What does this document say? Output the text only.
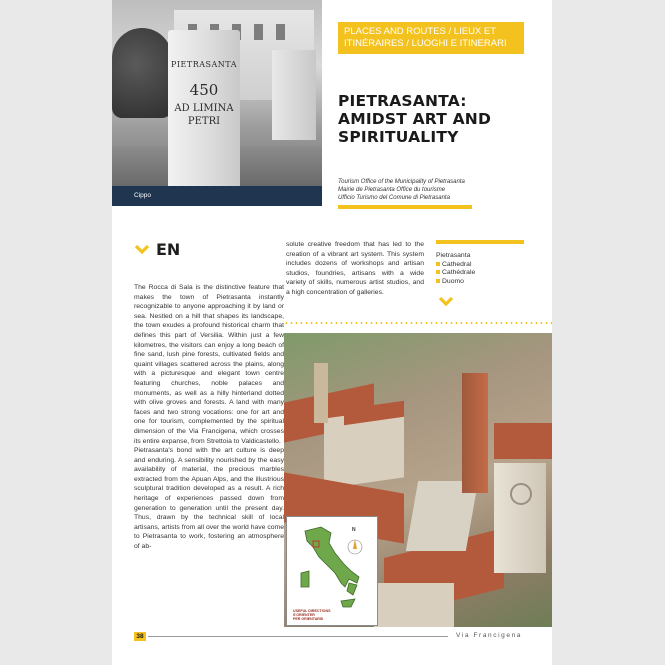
PIETRASANTA
450
AD LIMINA
PETRI
Cippo
PLACES AND ROUTES / LIEUX ET ITINÉRAIRES / LUOGHI E ITINERARI
PIETRASANTA:
AMIDST ART AND
SPIRITUALITY
Tourism Office of the Municipality of Pietrasanta
Mairie de Pietrasanta Office du tourisme
Ufficio Turismo del Comune di Pietrasanta
EN

The Rocca di Sala is the distinctive feature that makes the town of Pietrasanta instantly recognizable to anyone approaching it by land or sea. Nestled on a hill that shapes its landscape, the town exudes a profound historical charm that defines this part of Versilia. Within just a few kilometres, the visitors can enjoy a long beach of fine sand, lush pine forests, cultivated fields and quaint villages scattered across the plains, along with a picturesque and elegant town centre featuring churches, noble palaces and monuments, as well as a hilly hinterland dotted with olive groves and forests. A land with many faces and two strong vocations: one for art and one for tourism, complemented by the spiritual dimension of the Via Francigena, which crosses its entire expanse, from Strettoia to Valdicastello.

Pietrasanta's bond with the art culture is deep and enduring. A sensibility nourished by the easy availability of material, the precious marbles extracted from the Apuan Alps, and the illustrious sculptural tradition developed as a result. A rich heritage of experiences passed down from generation to generation until the present day. Thus, drawn by the technical skill of local artisans, artists from all over the world have come to Pietrasanta to work, fostering an atmosphere of ab-

solute creative freedom that has led to the creation of a vibrant art system. This system includes dozens of workshops and artisan studios, foundries, artisans with a wide variety of skills, numerous artist studios, and a high concentration of galleries.

Pietrasanta
Cathedral
Cathédrale
Duomo
USEFUL DIRECTIONS
S'ORIENTER
PER ORIENTARSI
N
38	Via Francigena
